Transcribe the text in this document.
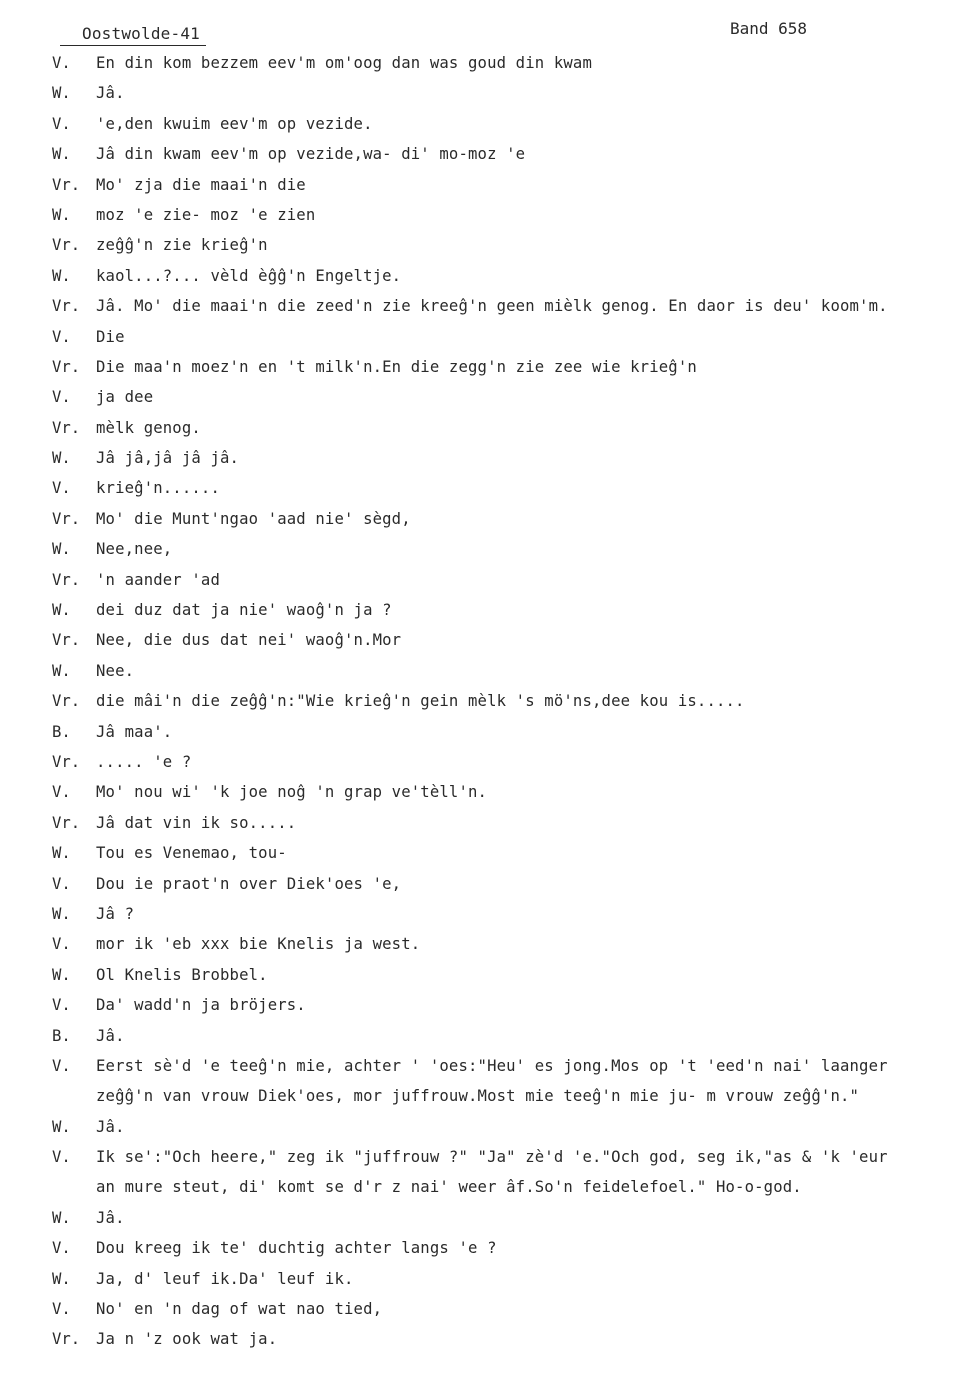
Oostwolde-41	Band 658
V. En din kom bezzem eev'm om'oog dan was goud din kwam
W. Jâ.
V. 'e,den kwuim eev'm op vezide.
W. Jâ din kwam eev'm op vezide,wa- di' mo-moz 'e
Vr. Mo' zja die maai'n die
W. moz 'e zie- moz 'e zien
Vr. zeĝĝ'n zie krieĝ'n
W. kaol...?... vèld èĝĝ'n Engeltje.
Vr. Jâ. Mo' die maai'n die zeed'n zie kreeĝ'n geen mièlk genog. En daor is deu' koom'm.
V. Die
Vr. Die maa'n moez'n en 't milk'n.En die zegg'n zie zee wie krieĝ'n
V. ja dee
Vr. mèlk genog.
W. Jâ jâ,jâ jâ jâ.
V. krieĝ'n......
Vr. Mo' die Munt'ngao 'aad nie' sègd,
W. Nee,nee,
Vr. 'n aander 'ad
W. dei duz dat ja nie' waoĝ'n ja ?
Vr. Nee, die dus dat nei' waoĝ'n.Mor
W. Nee.
Vr. die mâi'n die zeĝĝ'n:"Wie krieĝ'n gein mèlk 's mö'ns,dee kou is.....
B. Jâ maa'.
Vr. ..... 'e ?
V. Mo' nou wi' 'k joe noĝ 'n grap ve'tèll'n.
Vr. Jâ dat vin ik so.....
W. Tou es Venemao, tou-
V. Dou ie praot'n over Diek'oes 'e,
W. Jâ ?
V. mor ik 'eb xxx bie Knelis ja west.
W. Ol Knelis Brobbel.
V. Da' wadd'n ja bröjers.
B. Jâ.
V. Eerst sè'd 'e teeĝ'n mie, achter ' 'oes:"Heu' es jong.Mos op 't 'eed'n nai' laanger
zeĝĝ'n van vrouw Diek'oes, mor juffrouw.Most mie teeĝ'n mie ju- m vrouw zeĝĝ'n."
W. Jâ.
V. Ik se':"Och heere," zeg ik "juffrouw ?" "Ja" zè'd 'e."Och god, seg ik,"as & 'k 'eur
an mure steut, di' komt se d'r z nai' weer âf.So'n feidelefoel." Ho-o-god.
W. Jâ.
V. Dou kreeg ik te' duchtig achter langs 'e ?
W. Ja, d' leuf ik.Da' leuf ik.
V. No' en 'n dag of wat nao tied,
Vr. Ja n 'z ook wat ja.
